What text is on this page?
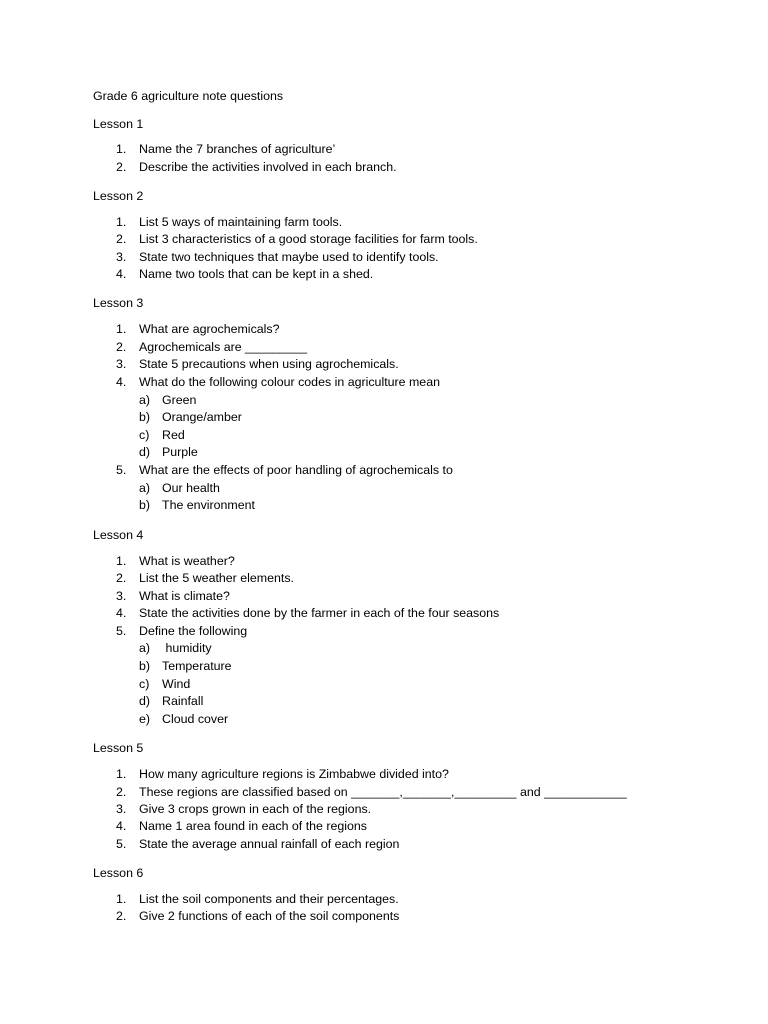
Grade 6 agriculture note questions
Lesson 1
1. Name the 7 branches of agriculture’
2. Describe the activities involved in each branch.
Lesson 2
1. List 5 ways of maintaining farm tools.
2. List 3 characteristics of a good storage facilities for farm tools.
3. State two techniques that maybe used to identify tools.
4. Name two tools that can be kept in a shed.
Lesson 3
1. What are agrochemicals?
2. Agrochemicals are _________
3. State 5 precautions when using agrochemicals.
4. What do the following colour codes in agriculture mean
a) Green
b) Orange/amber
c) Red
d) Purple
5. What are the effects of poor handling of agrochemicals to
a) Our health
b) The environment
Lesson 4
1. What is weather?
2. List the 5 weather elements.
3. What is climate?
4. State the activities done by the farmer in each of the four seasons
5. Define the following
a) humidity
b) Temperature
c) Wind
d) Rainfall
e) Cloud cover
Lesson 5
1. How many agriculture regions is Zimbabwe divided into?
2. These regions are classified based on _______,_______,_________ and ____________
3. Give 3 crops grown in each of the regions.
4. Name 1 area found in each of the regions
5. State the average annual rainfall of each region
Lesson 6
1. List the soil components and their percentages.
2. Give 2 functions of each of the soil components
